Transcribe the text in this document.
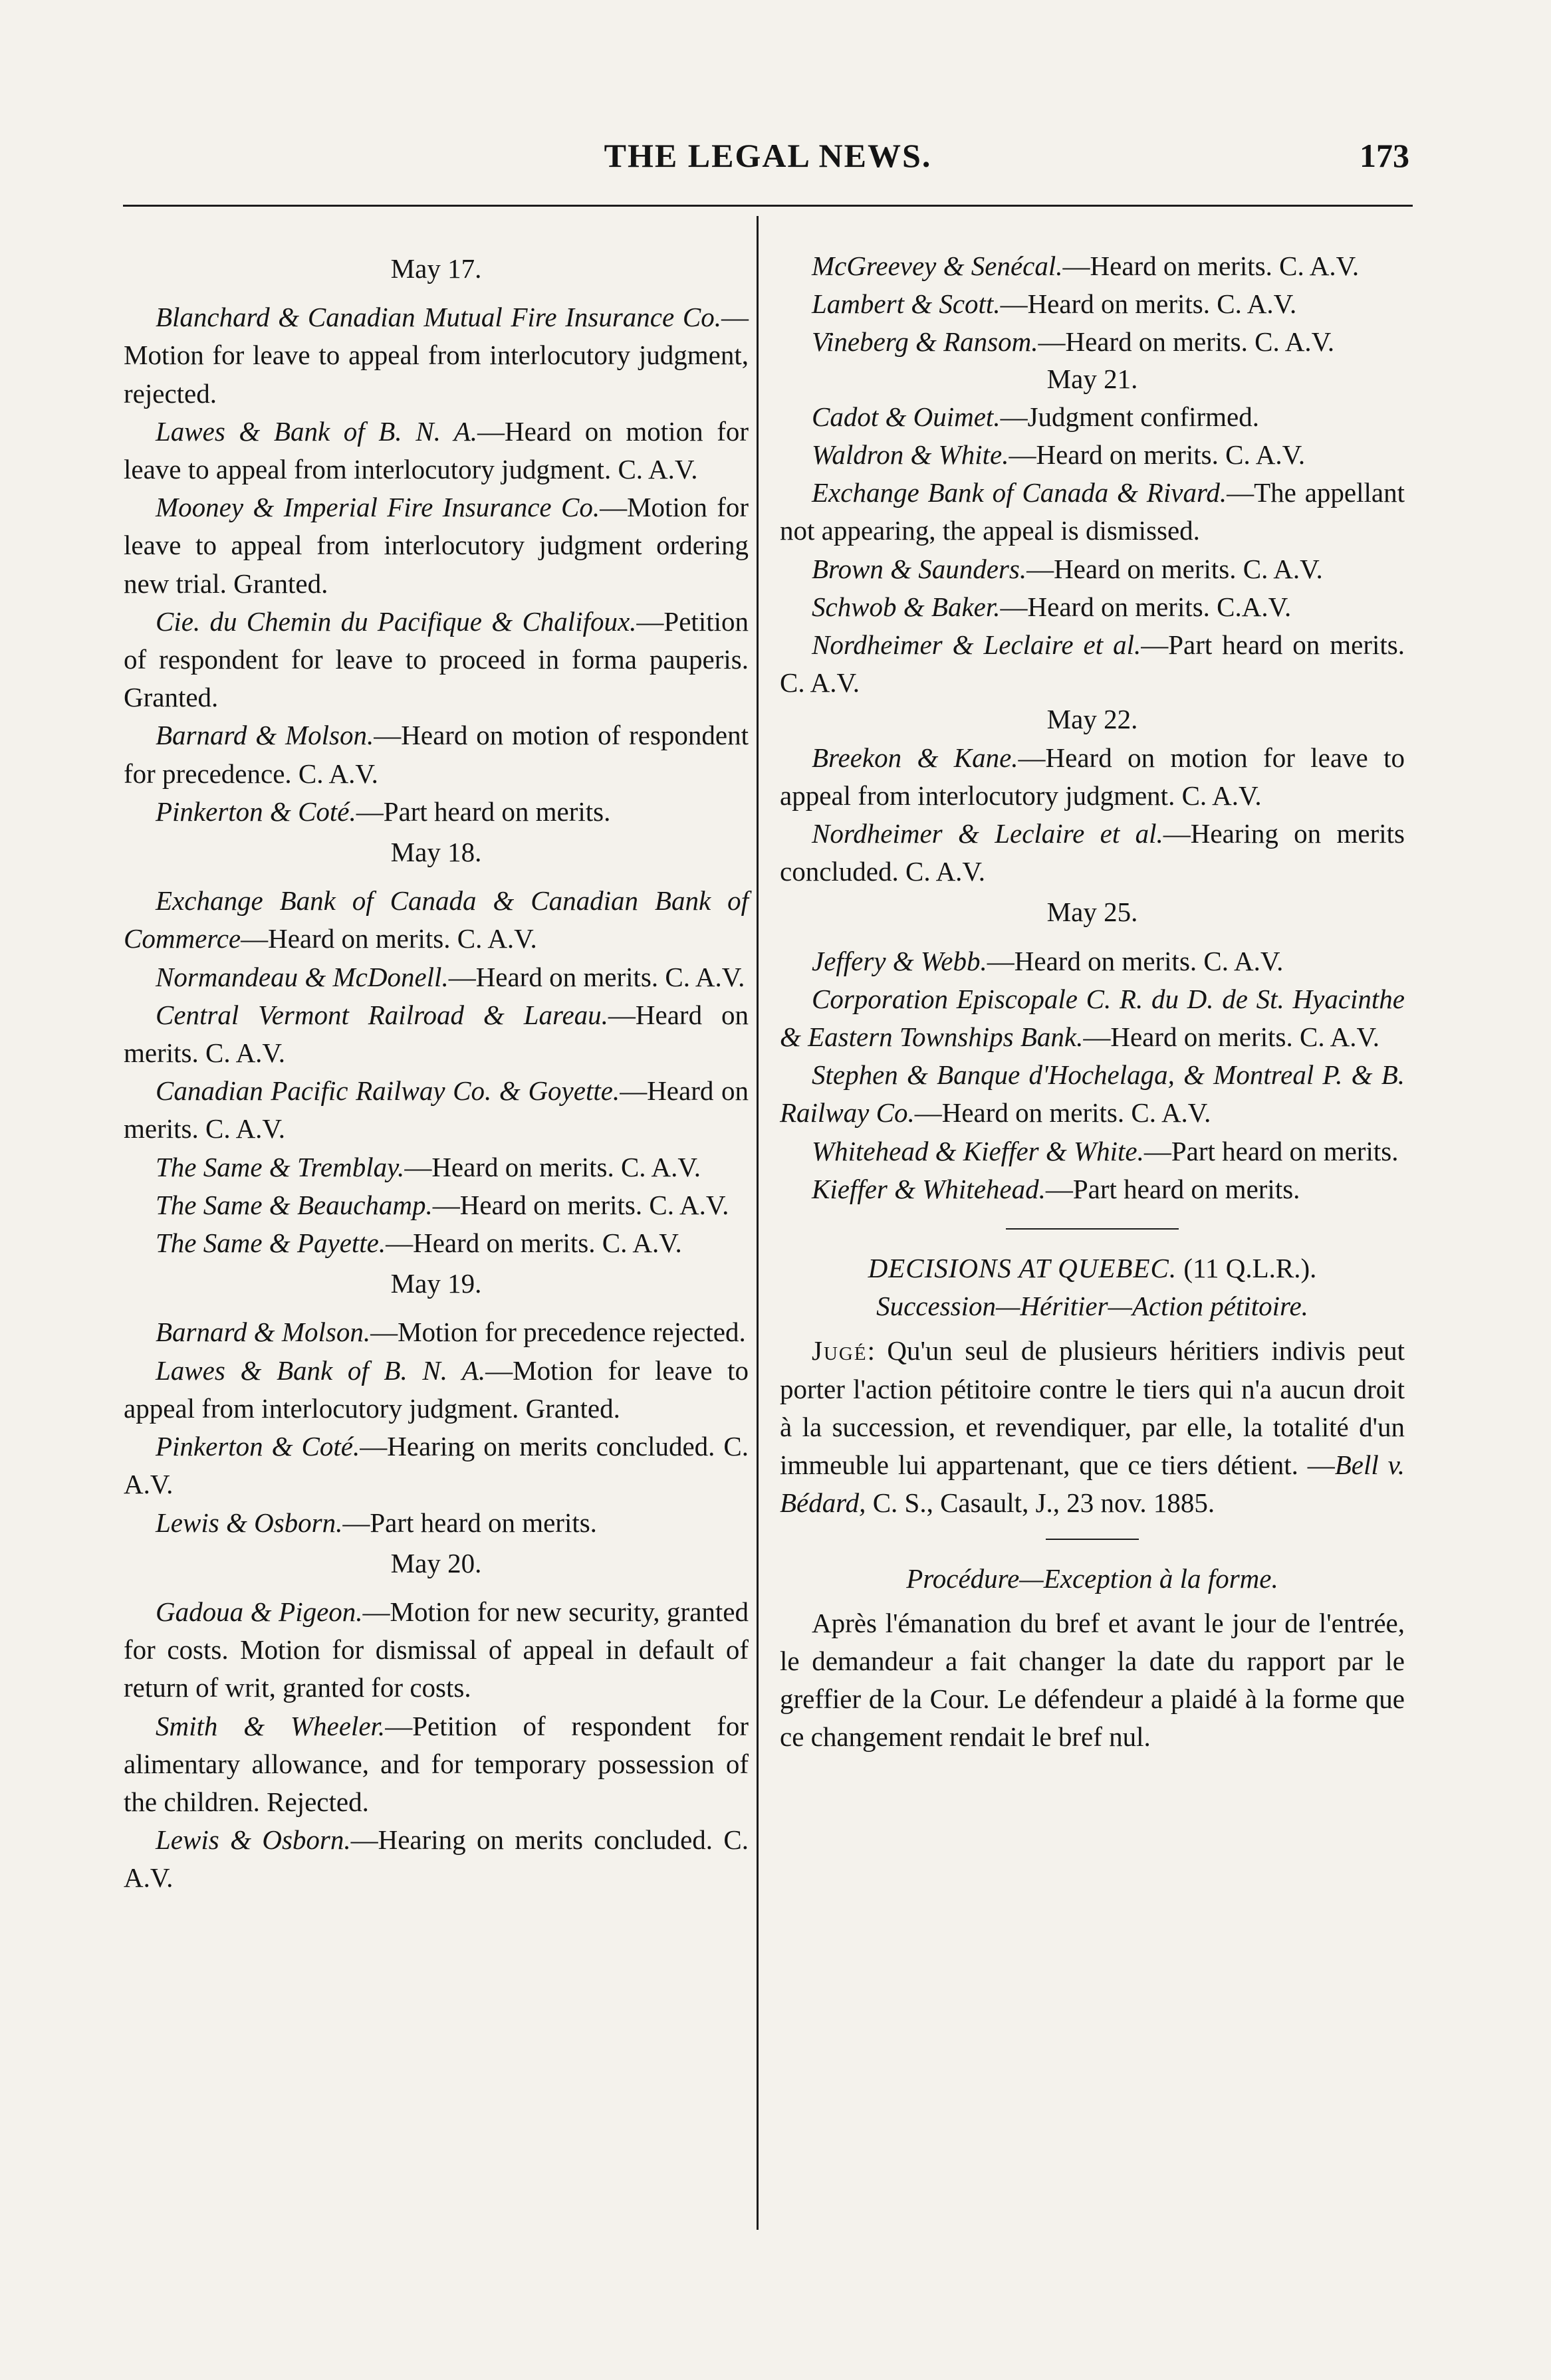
THE LEGAL NEWS.	173
May 17.

Blanchard & Canadian Mutual Fire Insurance Co.—Motion for leave to appeal from interlocutory judgment, rejected.

Lawes & Bank of B. N. A.—Heard on motion for leave to appeal from interlocutory judgment. C. A.V.

Mooney & Imperial Fire Insurance Co.—Motion for leave to appeal from interlocutory judgment ordering new trial. Granted.

Cie. du Chemin du Pacifique & Chalifoux.—Petition of respondent for leave to proceed in forma pauperis. Granted.

Barnard & Molson.—Heard on motion of respondent for precedence. C. A.V.

Pinkerton & Coté.—Part heard on merits.

May 18.

Exchange Bank of Canada & Canadian Bank of Commerce—Heard on merits. C. A.V.

Normandeau & McDonell.—Heard on merits. C. A.V.

Central Vermont Railroad & Lareau.—Heard on merits. C. A.V.

Canadian Pacific Railway Co. & Goyette.—Heard on merits. C. A.V.

The Same & Tremblay.—Heard on merits. C. A.V.

The Same & Beauchamp.—Heard on merits. C. A.V.

The Same & Payette.—Heard on merits. C. A.V.

May 19.

Barnard & Molson.—Motion for precedence rejected.

Lawes & Bank of B. N. A.—Motion for leave to appeal from interlocutory judgment. Granted.

Pinkerton & Coté.—Hearing on merits concluded. C. A.V.

Lewis & Osborn.—Part heard on merits.

May 20.

Gadoua & Pigeon.—Motion for new security, granted for costs. Motion for dismissal of appeal in default of return of writ, granted for costs.

Smith & Wheeler.—Petition of respondent for alimentary allowance, and for temporary possession of the children. Rejected.

Lewis & Osborn.—Hearing on merits concluded. C. A.V.

McGreevey & Senécal.—Heard on merits. C. A.V.

Lambert & Scott.—Heard on merits. C. A.V.

Vineberg & Ransom.—Heard on merits. C. A.V.

May 21.

Cadot & Ouimet.—Judgment confirmed.

Waldron & White.—Heard on merits. C. A.V.

Exchange Bank of Canada & Rivard.—The appellant not appearing, the appeal is dismissed.

Brown & Saunders.—Heard on merits. C. A.V.

Schwob & Baker.—Heard on merits. C.A.V.

Nordheimer & Leclaire et al.—Part heard on merits. C. A.V.

May 22.

Breekon & Kane.—Heard on motion for leave to appeal from interlocutory judgment. C. A.V.

Nordheimer & Leclaire et al.—Hearing on merits concluded. C. A.V.

May 25.

Jeffery & Webb.—Heard on merits. C. A.V.

Corporation Episcopale C. R. du D. de St. Hyacinthe & Eastern Townships Bank.—Heard on merits. C. A.V.

Stephen & Banque d'Hochelaga, & Montreal P. & B. Railway Co.—Heard on merits. C. A.V.

Whitehead & Kieffer & White.—Part heard on merits.

Kieffer & Whitehead.—Part heard on merits.

DECISIONS AT QUEBEC. (11 Q.L.R.).

Succession—Héritier—Action pétitoire.

Jugé: Qu'un seul de plusieurs héritiers indivis peut porter l'action pétitoire contre le tiers qui n'a aucun droit à la succession, et revendiquer, par elle, la totalité d'un immeuble lui appartenant, que ce tiers détient. —Bell v. Bédard, C. S., Casault, J., 23 nov. 1885.

Procédure—Exception à la forme.

Après l'émanation du bref et avant le jour de l'entrée, le demandeur a fait changer la date du rapport par le greffier de la Cour. Le défendeur a plaidé à la forme que ce changement rendait le bref nul.
